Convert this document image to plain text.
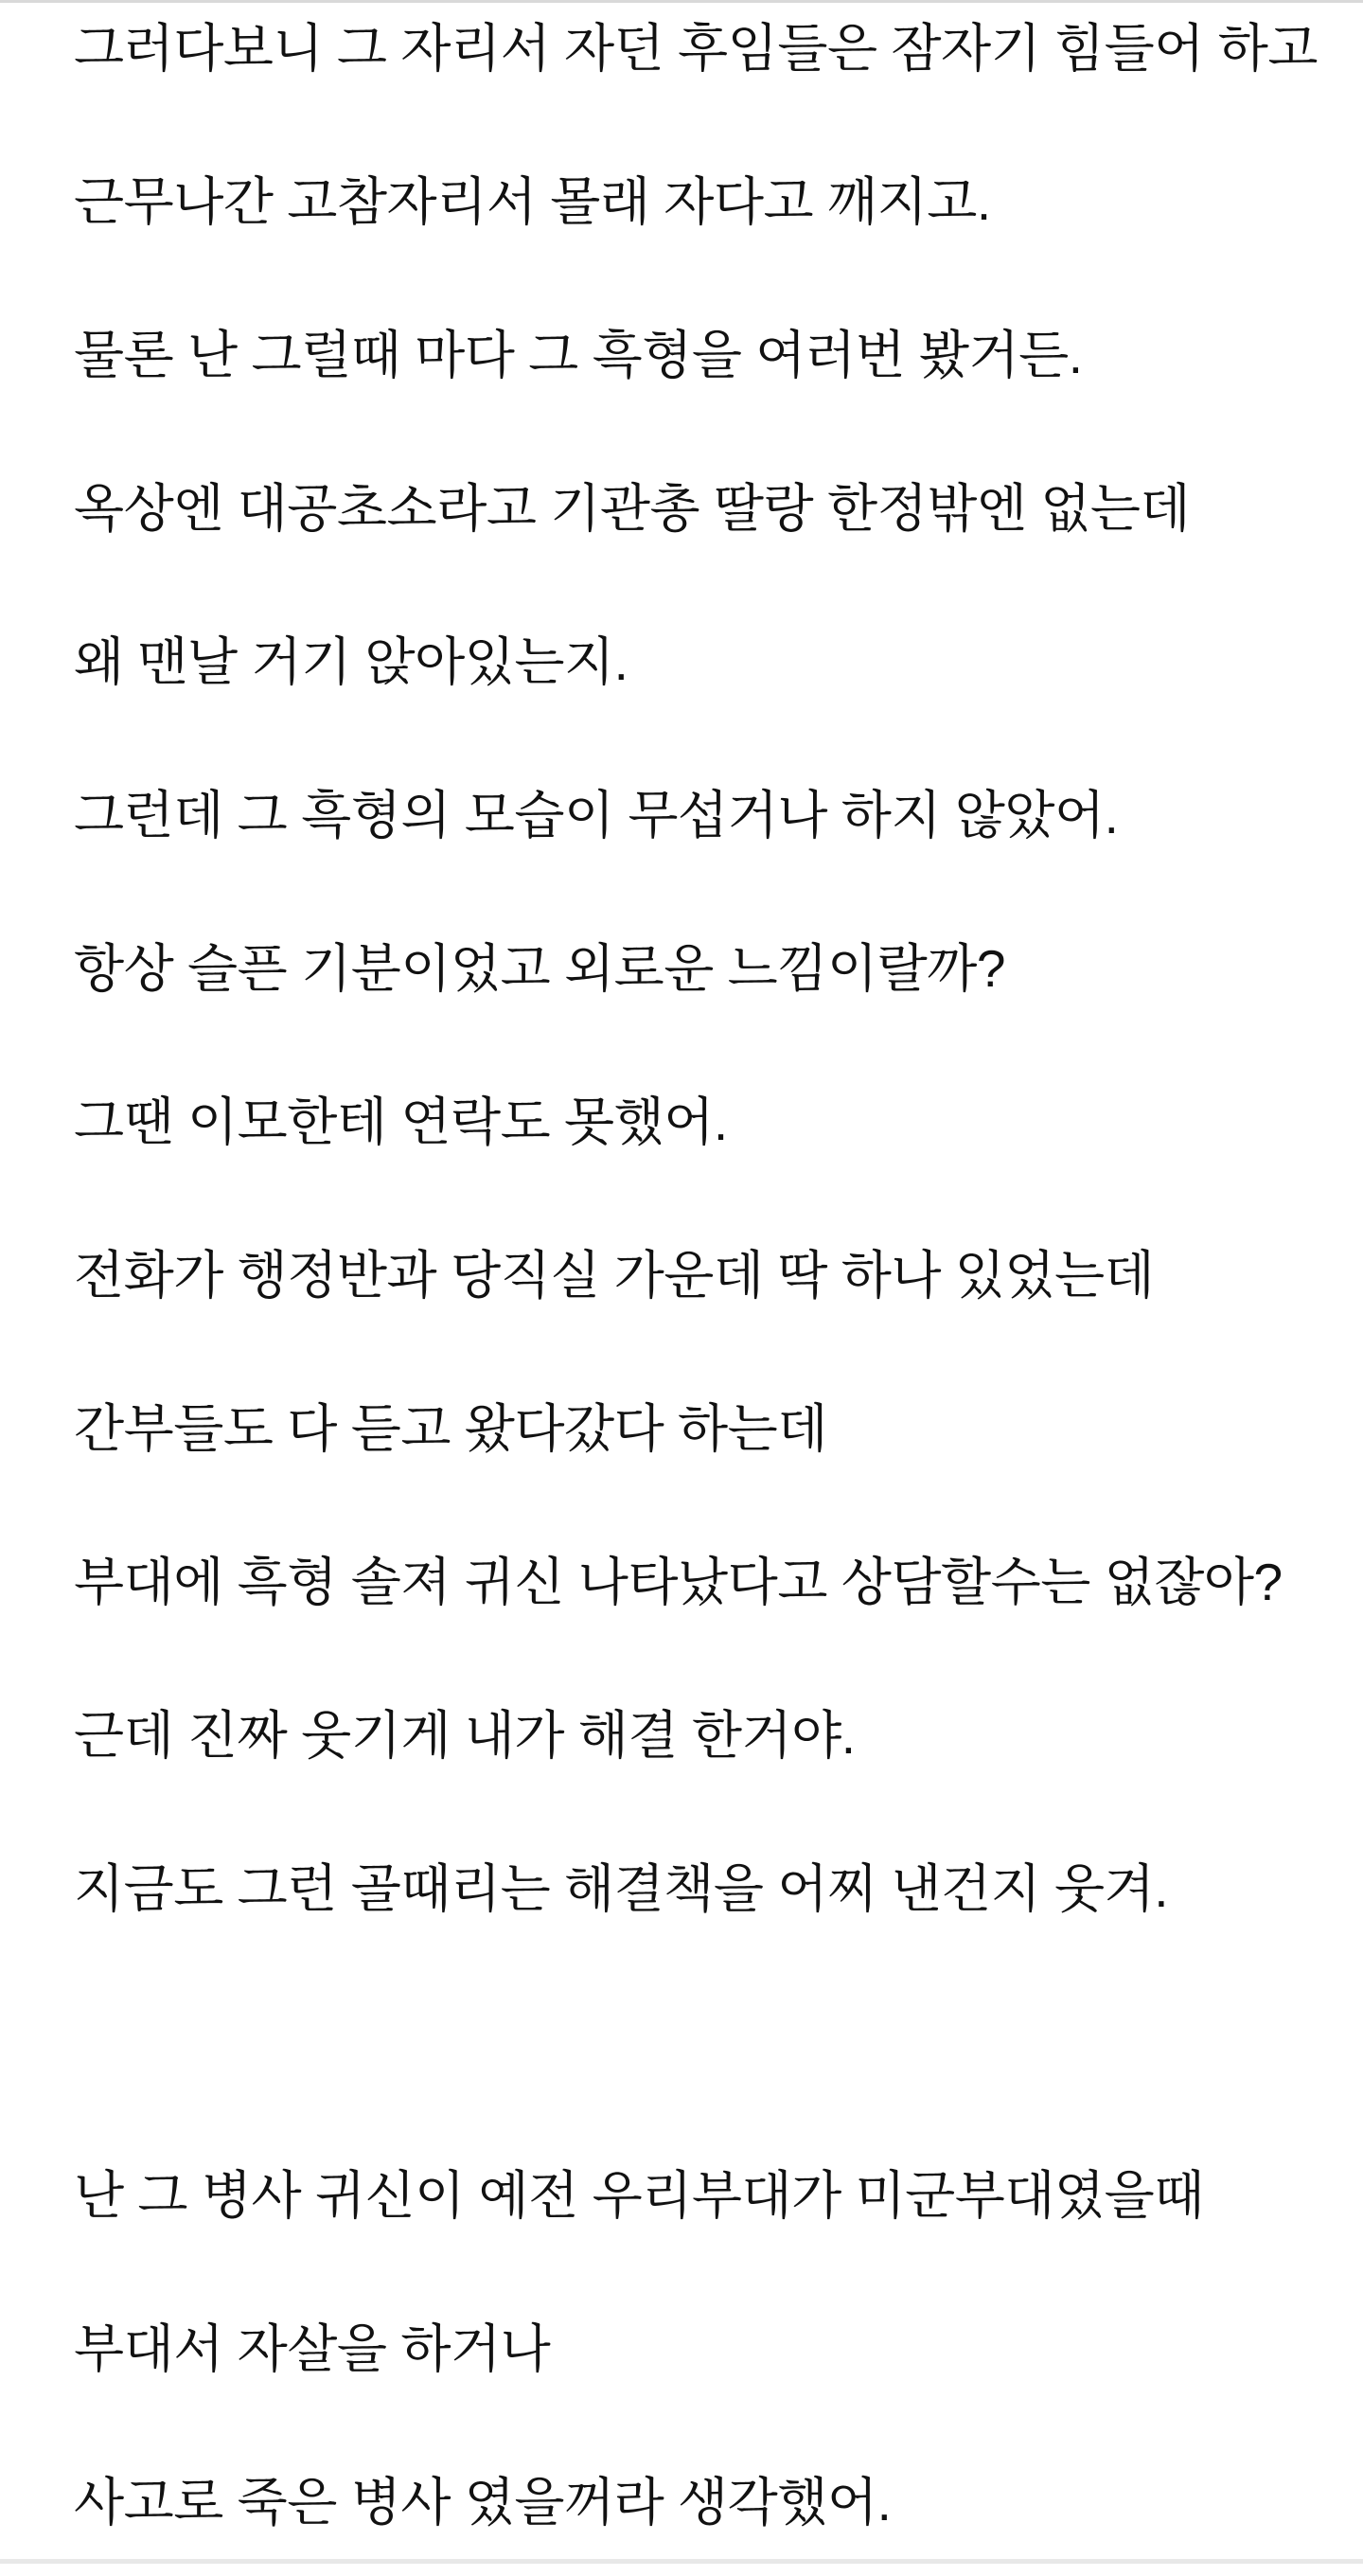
그러다보니 그 자리서 자던 후임들은 잠자기 힘들어 하고

근무나간 고참자리서 몰래 자다고 깨지고.

물론 난 그럴때 마다 그 흑형을 여러번 봤거든.

옥상엔 대공초소라고 기관총 딸랑 한정밖엔 없는데

왜 맨날 거기 앉아있는지.

그런데 그 흑형의 모습이 무섭거나 하지 않았어.

항상 슬픈 기분이었고 외로운 느낌이랄까?

그땐 이모한테 연락도 못했어.

전화가 행정반과 당직실 가운데 딱 하나 있었는데

간부들도 다 듣고 왔다갔다 하는데

부대에 흑형 솔져 귀신 나타났다고 상담할수는 없잖아?

근데 진짜 웃기게 내가 해결 한거야.

지금도 그런 골때리는 해결책을 어찌 낸건지 웃겨.

난 그 병사 귀신이 예전 우리부대가 미군부대였을때

부대서 자살을 하거나

사고로 죽은 병사 였을꺼라 생각했어.
